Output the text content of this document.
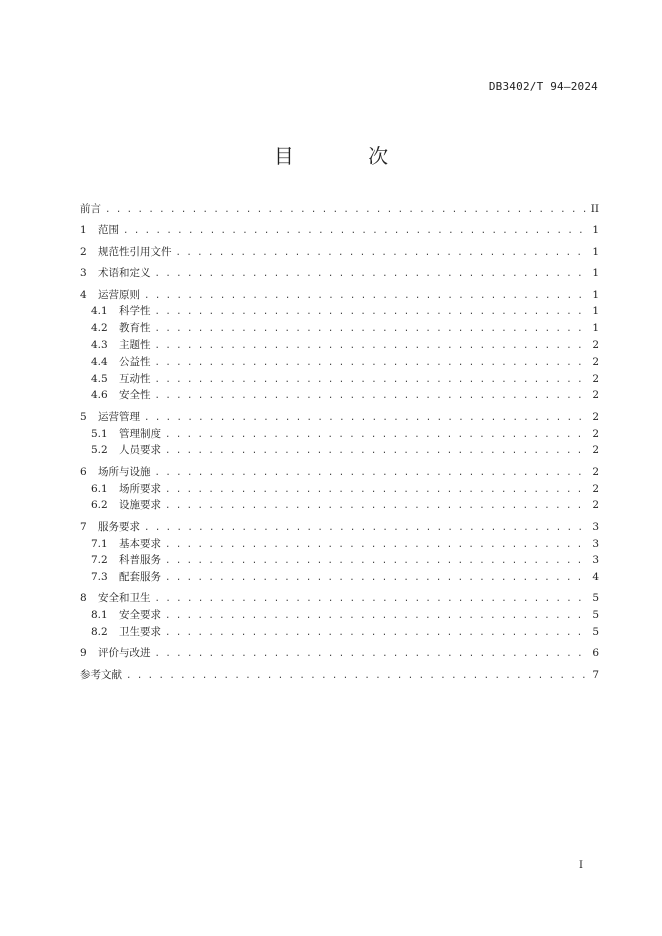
DB3402/T 94—2024
目 次
前言 . . .	II
1	范围 . . .	1
2	规范性引用文件 . . .	1
3	术语和定义 . . .	1
4	运营原则 . . .	1
4.1	科学性 . . .	1
4.2	教育性 . . .	1
4.3	主题性 . . .	2
4.4	公益性 . . .	2
4.5	互动性 . . .	2
4.6	安全性 . . .	2
5	运营管理 . . .	2
5.1	管理制度 . . .	2
5.2	人员要求 . . .	2
6	场所与设施 . . .	2
6.1	场所要求 . . .	2
6.2	设施要求 . . .	2
7	服务要求 . . .	3
7.1	基本要求 . . .	3
7.2	科普服务 . . .	3
7.3	配套服务 . . .	4
8	安全和卫生 . . .	5
8.1	安全要求 . . .	5
8.2	卫生要求 . . .	5
9	评价与改进 . . .	6
参考文献 . . .	7
I
